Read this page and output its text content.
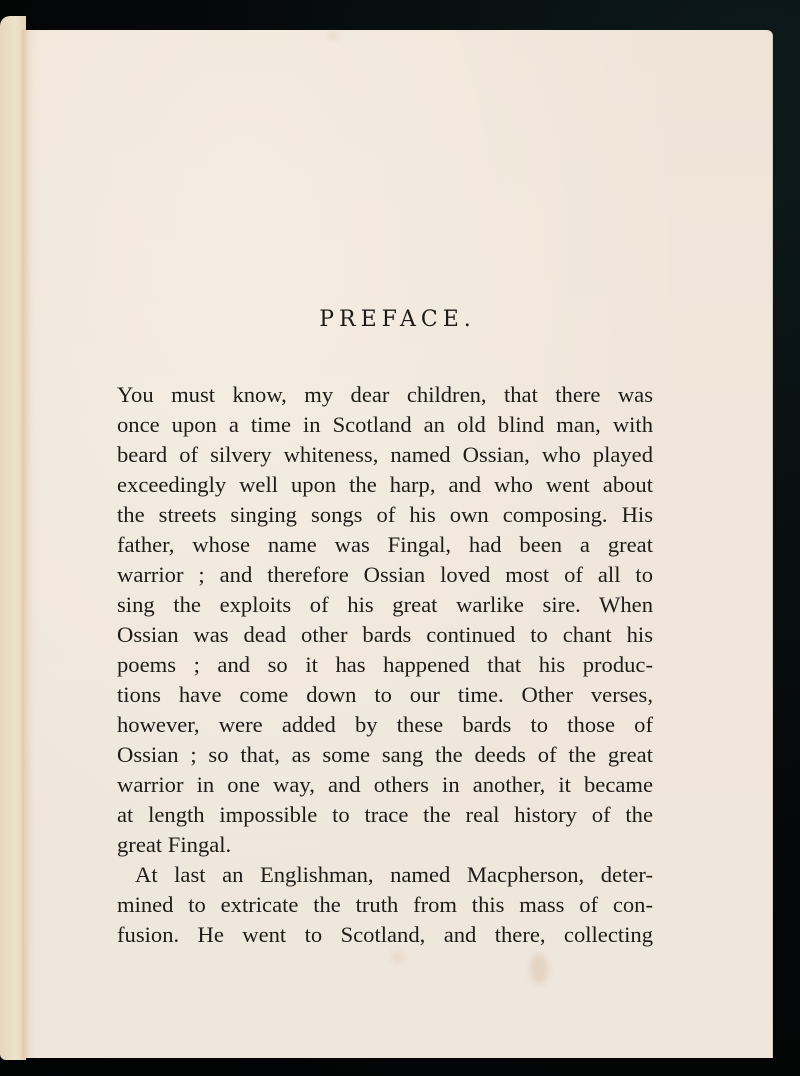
PREFACE.
You must know, my dear children, that there was
once upon a time in Scotland an old blind man, with
beard of silvery whiteness, named Ossian, who played
exceedingly well upon the harp, and who went about
the streets singing songs of his own composing. His
father, whose name was Fingal, had been a great
warrior ; and therefore Ossian loved most of all to
sing the exploits of his great warlike sire. When
Ossian was dead other bards continued to chant his
poems ; and so it has happened that his produc-
tions have come down to our time. Other verses,
however, were added by these bards to those of
Ossian ; so that, as some sang the deeds of the great
warrior in one way, and others in another, it became
at length impossible to trace the real history of the
great Fingal.
At last an Englishman, named Macpherson, deter-
mined to extricate the truth from this mass of con-
fusion. He went to Scotland, and there, collecting
